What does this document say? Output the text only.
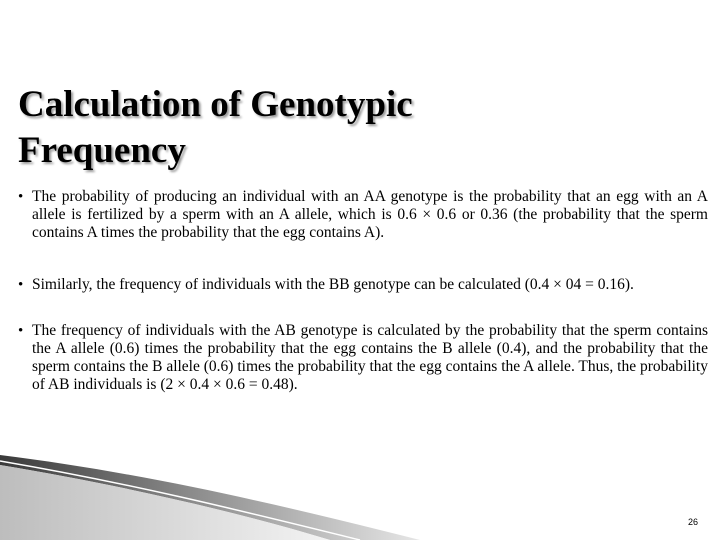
Calculation of Genotypic
Frequency
• The probability of producing an individual with an AA genotype is the probability that an egg with an A allele is fertilized by a sperm with an A allele, which is 0.6 × 0.6 or 0.36 (the probability that the sperm contains A times the probability that the egg contains A).
• Similarly, the frequency of individuals with the BB genotype can be calculated (0.4 × 04 = 0.16).
• The frequency of individuals with the AB genotype is calculated by the probability that the sperm contains the A allele (0.6) times the probability that the egg contains the B allele (0.4), and the probability that the sperm contains the B allele (0.6) times the probability that the egg contains the A allele. Thus, the probability of AB individuals is (2 × 0.4 × 0.6 = 0.48).
26
